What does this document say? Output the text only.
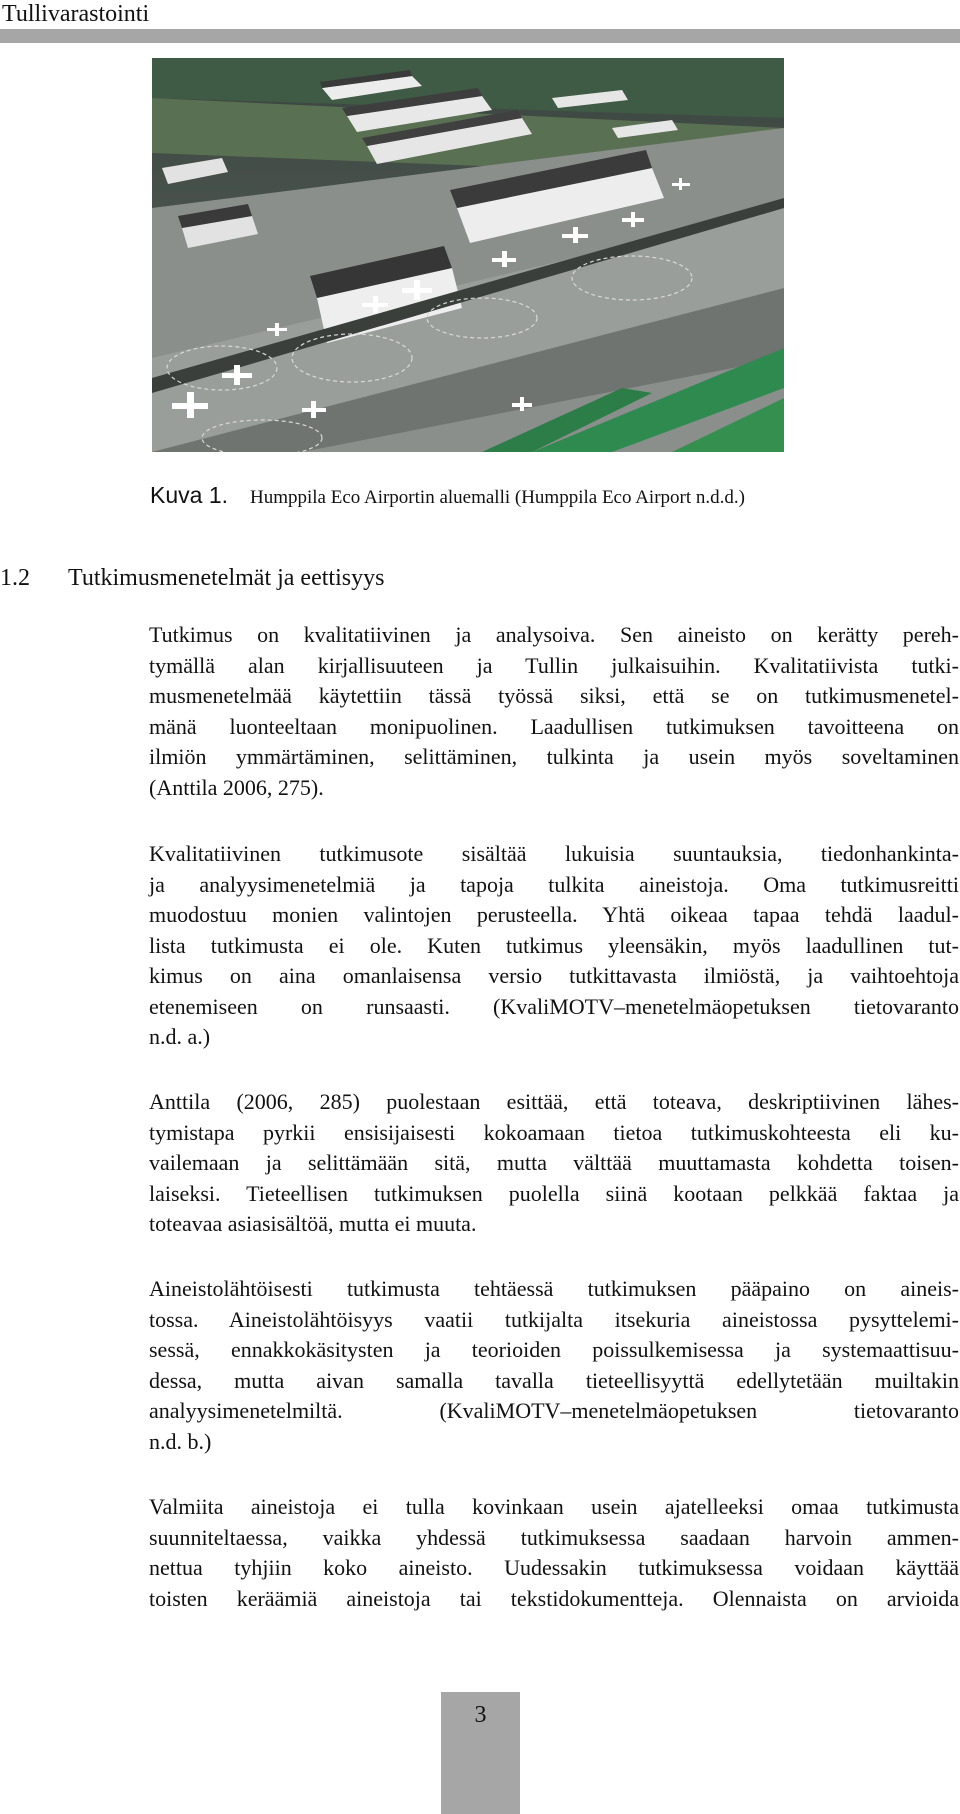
Tullivarastointi
Kuva 1. Humppila Eco Airportin aluemalli (Humppila Eco Airport n.d.d.)
1.2 Tutkimusmenetelmät ja eettisyys
Tutkimus on kvalitatiivinen ja analysoiva. Sen aineisto on kerätty pereh-
tymällä alan kirjallisuuteen ja Tullin julkaisuihin. Kvalitatiivista tutki-
musmenetelmää käytettiin tässä työssä siksi, että se on tutkimusmenetel-
mänä luonteeltaan monipuolinen. Laadullisen tutkimuksen tavoitteena on
ilmiön ymmärtäminen, selittäminen, tulkinta ja usein myös soveltaminen
(Anttila 2006, 275).
Kvalitatiivinen tutkimusote sisältää lukuisia suuntauksia, tiedonhankinta-
ja analyysimenetelmiä ja tapoja tulkita aineistoja. Oma tutkimusreitti
muodostuu monien valintojen perusteella. Yhtä oikeaa tapaa tehdä laadul-
lista tutkimusta ei ole. Kuten tutkimus yleensäkin, myös laadullinen tut-
kimus on aina omanlaisensa versio tutkittavasta ilmiöstä, ja vaihtoehtoja
etenemiseen on runsaasti. (KvaliMOTV–menetelmäopetuksen tietovaranto
n.d. a.)
Anttila (2006, 285) puolestaan esittää, että toteava, deskriptiivinen lähes-
tymistapa pyrkii ensisijaisesti kokoamaan tietoa tutkimuskohteesta eli ku-
vailemaan ja selittämään sitä, mutta välttää muuttamasta kohdetta toisen-
laiseksi. Tieteellisen tutkimuksen puolella siinä kootaan pelkkää faktaa ja
toteavaa asiasisältöä, mutta ei muuta.
Aineistolähtöisesti tutkimusta tehtäessä tutkimuksen pääpaino on aineis-
tossa. Aineistolähtöisyys vaatii tutkijalta itsekuria aineistossa pysyttelemi-
sessä, ennakkokäsitysten ja teorioiden poissulkemisessa ja systemaattisuu-
dessa, mutta aivan samalla tavalla tieteellisyyttä edellytetään muiltakin
analyysimenetelmiltä. (KvaliMOTV–menetelmäopetuksen tietovaranto
n.d. b.)
Valmiita aineistoja ei tulla kovinkaan usein ajatelleeksi omaa tutkimusta
suunniteltaessa, vaikka yhdessä tutkimuksessa saadaan harvoin ammen-
nettua tyhjiin koko aineisto. Uudessakin tutkimuksessa voidaan käyttää
toisten keräämiä aineistoja tai tekstidokumentteja. Olennaista on arvioida
3
